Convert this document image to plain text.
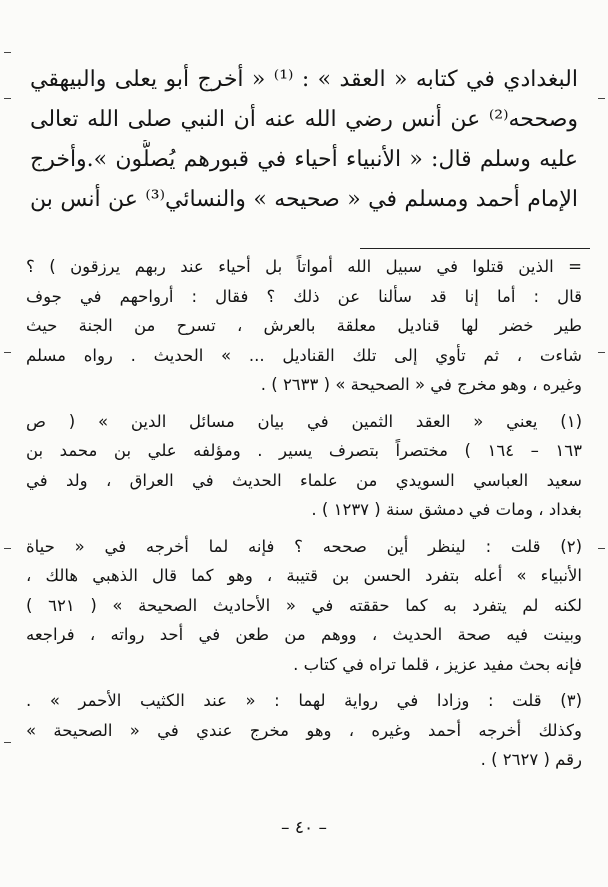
البغدادي في كتابه « العقد » : ⁽¹⁾ « أخرج أبو يعلى والبيهقي
وصححه⁽²⁾ عن أنس رضي الله عنه أن النبي صلى الله تعالى
عليه وسلم قال: « الأنبياء أحياء في قبورهم يُصلُّون ».وأخرج
الإمام أحمد ومسلم في « صحيحه » والنسائي⁽³⁾ عن أنس بن
= الذين قتلوا في سبيل الله أمواتاً بل أحياء عند ربهم يرزقون ) ؟
قال : أما إنا قد سألنا عن ذلك ؟ فقال : أرواحهم في جوف
طير خضر لها قناديل معلقة بالعرش ، تسرح من الجنة حيث
شاءت ، ثم تأوي إلى تلك القناديل ... » الحديث . رواه مسلم
وغيره ، وهو مخرج في « الصحيحة » ( ٢٦٣٣ ) .
(١) يعني « العقد الثمين في بيان مسائل الدين » ( ص
١٦٣ – ١٦٤ ) مختصراً بتصرف يسير . ومؤلفه علي بن محمد بن
سعيد العباسي السويدي من علماء الحديث في العراق ، ولد في
بغداد ، ومات في دمشق سنة ( ١٢٣٧ ) .
(٢) قلت : لينظر أين صححه ؟ فإنه لما أخرجه في « حياة
الأنبياء » أعله بتفرد الحسن بن قتيبة ، وهو كما قال الذهبي هالك ،
لكنه لم يتفرد به كما حققته في « الأحاديث الصحيحة » ( ٦٢١ )
وبينت فيه صحة الحديث ، ووهم من طعن في أحد رواته ، فراجعه
فإنه بحث مفيد عزيز ، قلما تراه في كتاب .
(٣) قلت : وزادا في رواية لهما : « عند الكثيب الأحمر » .
وكذلك أخرجه أحمد وغيره ، وهو مخرج عندي في « الصحيحة »
رقم ( ٢٦٢٧ ) .
– ٤٠ –
